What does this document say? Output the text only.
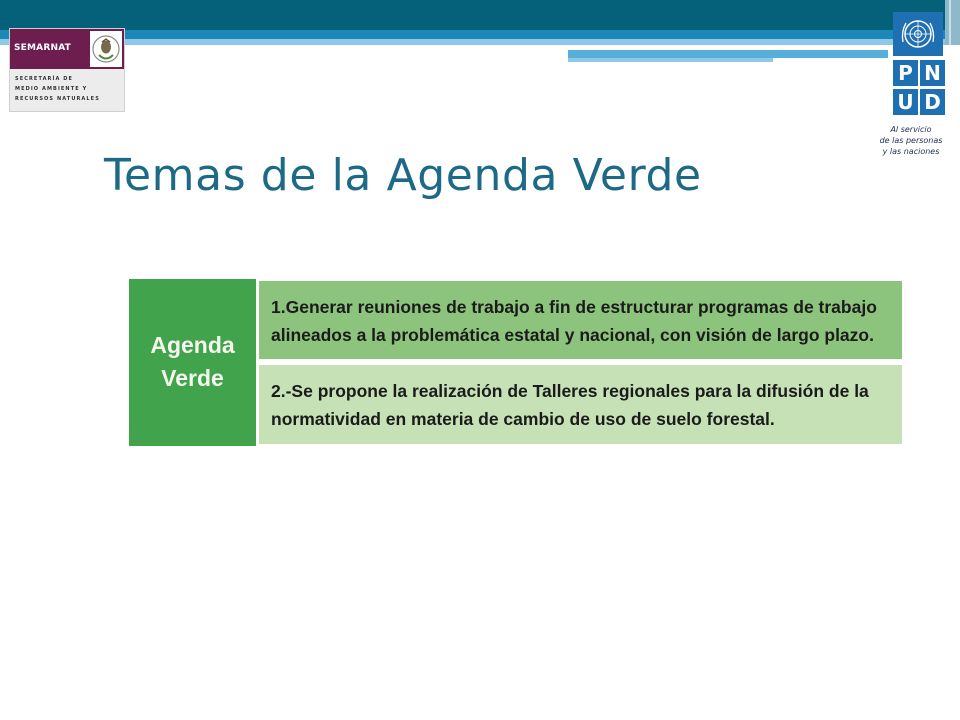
SEMARNAT
SECRETARÍA DE
MEDIO AMBIENTE Y
RECURSOS NATURALES
P N
U D
Al servicio
de las personas
y las naciones
Temas de la Agenda Verde
Agenda
Verde
1.Generar reuniones de trabajo a fin de estructurar programas de trabajo
alineados a la problemática estatal y nacional, con visión de largo plazo.
2.-Se propone la realización de Talleres regionales para la difusión de la
normatividad en materia de cambio de uso de suelo forestal.
